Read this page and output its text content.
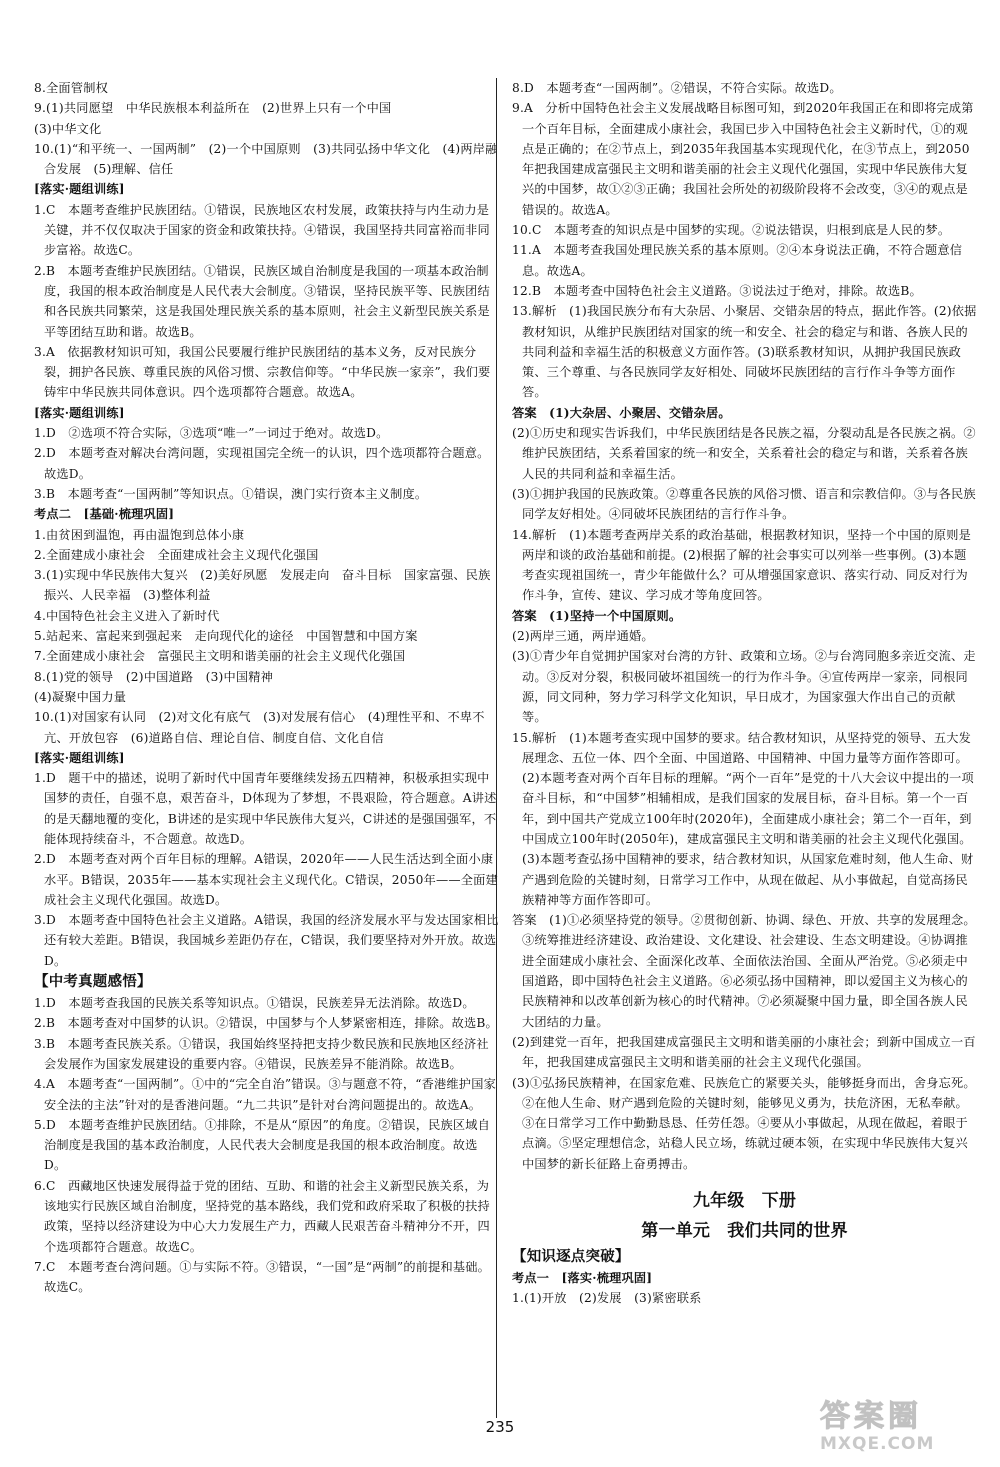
8.全面管制权

9.(1)共同愿望　中华民族根本利益所在　(2)世界上只有一个中国

(3)中华文化

10.(1)“和平统一、一国两制”　(2)一个中国原则　(3)共同弘扬中华文化　(4)两岸融合发展　(5)理解、信任

[落实·题组训练]

1.C　本题考查维护民族团结。①错误，民族地区农村发展，政策扶持与内生动力是关键，并不仅仅取决于国家的资金和政策扶持。④错误，我国坚持共同富裕而非同步富裕。故选C。

2.B　本题考查维护民族团结。①错误，民族区域自治制度是我国的一项基本政治制度，我国的根本政治制度是人民代表大会制度。③错误，坚持民族平等、民族团结和各民族共同繁荣，这是我国处理民族关系的基本原则，社会主义新型民族关系是平等团结互助和谐。故选B。

3.A　依据教材知识可知，我国公民要履行维护民族团结的基本义务，反对民族分裂，拥护各民族、尊重民族的风俗习惯、宗教信仰等。“中华民族一家亲”，我们要铸牢中华民族共同体意识。四个选项都符合题意。故选A。

[落实·题组训练]

1.D　②选项不符合实际，③选项“唯一”一词过于绝对。故选D。

2.D　本题考查对解决台湾问题，实现祖国完全统一的认识，四个选项都符合题意。故选D。

3.B　本题考查“一国两制”等知识点。①错误，澳门实行资本主义制度。

考点二　[基础·梳理巩固]

1.由贫困到温饱，再由温饱到总体小康

2.全面建成小康社会　全面建成社会主义现代化强国

3.(1)实现中华民族伟大复兴　(2)美好夙愿　发展走向　奋斗目标　国家富强、民族振兴、人民幸福　(3)整体利益

4.中国特色社会主义进入了新时代

5.站起来、富起来到强起来　走向现代化的途径　中国智慧和中国方案

7.全面建成小康社会　富强民主文明和谐美丽的社会主义现代化强国

8.(1)党的领导　(2)中国道路　(3)中国精神

(4)凝聚中国力量

10.(1)对国家有认同　(2)对文化有底气　(3)对发展有信心　(4)理性平和、不卑不亢、开放包容　(6)道路自信、理论自信、制度自信、文化自信

[落实·题组训练]

1.D　题干中的描述，说明了新时代中国青年要继续发扬五四精神，积极承担实现中国梦的责任，自强不息，艰苦奋斗，D体现为了梦想，不畏艰险，符合题意。A讲述的是天翻地覆的变化，B讲述的是实现中华民族伟大复兴，C讲述的是强国强军，不能体现持续奋斗，不合题意。故选D。

2.D　本题考查对两个百年目标的理解。A错误，2020年——人民生活达到全面小康水平。B错误，2035年——基本实现社会主义现代化。C错误，2050年——全面建成社会主义现代化强国。故选D。

3.D　本题考查中国特色社会主义道路。A错误，我国的经济发展水平与发达国家相比还有较大差距。B错误，我国城乡差距仍存在，C错误，我们要坚持对外开放。故选D。

【中考真题感悟】

1.D　本题考查我国的民族关系等知识点。①错误，民族差异无法消除。故选D。

2.B　本题考查对中国梦的认识。②错误，中国梦与个人梦紧密相连，排除。故选B。

3.B　本题考查民族关系。①错误，我国始终坚持把支持少数民族和民族地区经济社会发展作为国家发展建设的重要内容。④错误，民族差异不能消除。故选B。

4.A　本题考查“一国两制”。①中的“完全自治”错误。③与题意不符，“香港维护国家安全法的主法”针对的是香港问题。“九二共识”是针对台湾问题提出的。故选A。

5.D　本题考查维护民族团结。①排除，不是从“原因”的角度。②错误，民族区域自治制度是我国的基本政治制度，人民代表大会制度是我国的根本政治制度。故选D。

6.C　西藏地区快速发展得益于党的团结、互助、和谐的社会主义新型民族关系，为该地实行民族区域自治制度，坚持党的基本路线，我们党和政府采取了积极的扶持政策，坚持以经济建设为中心大力发展生产力，西藏人民艰苦奋斗精神分不开，四个选项都符合题意。故选C。

7.C　本题考查台湾问题。①与实际不符。③错误，“一国”是“两制”的前提和基础。故选C。

8.D　本题考查“一国两制”。②错误，不符合实际。故选D。

9.A　分析中国特色社会主义发展战略目标图可知，到2020年我国正在和即将完成第一个百年目标，全面建成小康社会，我国已步入中国特色社会主义新时代，①的观点是正确的；在②节点上，到2035年我国基本实现现代化，在③节点上，到2050年把我国建成富强民主文明和谐美丽的社会主义现代化强国，实现中华民族伟大复兴的中国梦，故①②③正确；我国社会所处的初级阶段将不会改变，③④的观点是错误的。故选A。

10.C　本题考查的知识点是中国梦的实现。②说法错误，归根到底是人民的梦。

11.A　本题考查我国处理民族关系的基本原则。②④本身说法正确，不符合题意信息。故选A。

12.B　本题考查中国特色社会主义道路。③说法过于绝对，排除。故选B。

13.解析　(1)我国民族分布有大杂居、小聚居、交错杂居的特点，据此作答。(2)依据教材知识，从维护民族团结对国家的统一和安全、社会的稳定与和谐、各族人民的共同利益和幸福生活的积极意义方面作答。(3)联系教材知识，从拥护我国民族政策、三个尊重、与各民族同学友好相处、同破坏民族团结的言行作斗争等方面作答。

答案　(1)大杂居、小聚居、交错杂居。

(2)①历史和现实告诉我们，中华民族团结是各民族之福，分裂动乱是各民族之祸。②维护民族团结，关系着国家的统一和安全，关系着社会的稳定与和谐，关系着各族人民的共同利益和幸福生活。

(3)①拥护我国的民族政策。②尊重各民族的风俗习惯、语言和宗教信仰。③与各民族同学友好相处。④同破坏民族团结的言行作斗争。

14.解析　(1)本题考查两岸关系的政治基础，根据教材知识，坚持一个中国的原则是两岸和谈的政治基础和前提。(2)根据了解的社会事实可以列举一些事例。(3)本题考查实现祖国统一，青少年能做什么？可从增强国家意识、落实行动、同反对行为作斗争，宣传、建议、学习成才等角度回答。

答案　(1)坚持一个中国原则。

(2)两岸三通，两岸通婚。

(3)①青少年自觉拥护国家对台湾的方针、政策和立场。②与台湾同胞多亲近交流、走动。③反对分裂，积极同破坏祖国统一的行为作斗争。④宣传两岸一家亲，同根同源，同文同种，努力学习科学文化知识，早日成才，为国家强大作出自己的贡献等。

15.解析　(1)本题考查实现中国梦的要求。结合教材知识，从坚持党的领导、五大发展理念、五位一体、四个全面、中国道路、中国精神、中国力量等方面作答即可。(2)本题考查对两个百年目标的理解。“两个一百年”是党的十八大会议中提出的一项奋斗目标，和“中国梦”相辅相成，是我们国家的发展目标，奋斗目标。第一个一百年，到中国共产党成立100年时(2020年)，全面建成小康社会；第二个一百年，到中国成立100年时(2050年)，建成富强民主文明和谐美丽的社会主义现代化强国。(3)本题考查弘扬中国精神的要求，结合教材知识，从国家危难时刻，他人生命、财产遇到危险的关键时刻，日常学习工作中，从现在做起、从小事做起，自觉高扬民族精神等方面作答即可。

答案　(1)①必须坚持党的领导。②贯彻创新、协调、绿色、开放、共享的发展理念。③统筹推进经济建设、政治建设、文化建设、社会建设、生态文明建设。④协调推进全面建成小康社会、全面深化改革、全面依法治国、全面从严治党。⑤必须走中国道路，即中国特色社会主义道路。⑥必须弘扬中国精神，即以爱国主义为核心的民族精神和以改革创新为核心的时代精神。⑦必须凝聚中国力量，即全国各族人民大团结的力量。

(2)到建党一百年，把我国建成富强民主文明和谐美丽的小康社会；到新中国成立一百年，把我国建成富强民主文明和谐美丽的社会主义现代化强国。

(3)①弘扬民族精神，在国家危难、民族危亡的紧要关头，能够挺身而出，舍身忘死。②在他人生命、财产遇到危险的关键时刻，能够见义勇为，扶危济困，无私奉献。③在日常学习工作中勤勤恳恳、任劳任怨。④要从小事做起，从现在做起，着眼于点滴。⑤坚定理想信念，站稳人民立场，练就过硬本领，在实现中华民族伟大复兴中国梦的新长征路上奋勇搏击。

九年级　下册
第一单元　我们共同的世界

【知识逐点突破】

考点一　[落实·梳理巩固]

1.(1)开放　(2)发展　(3)紧密联系

235	答案圈
MXQE.COM
